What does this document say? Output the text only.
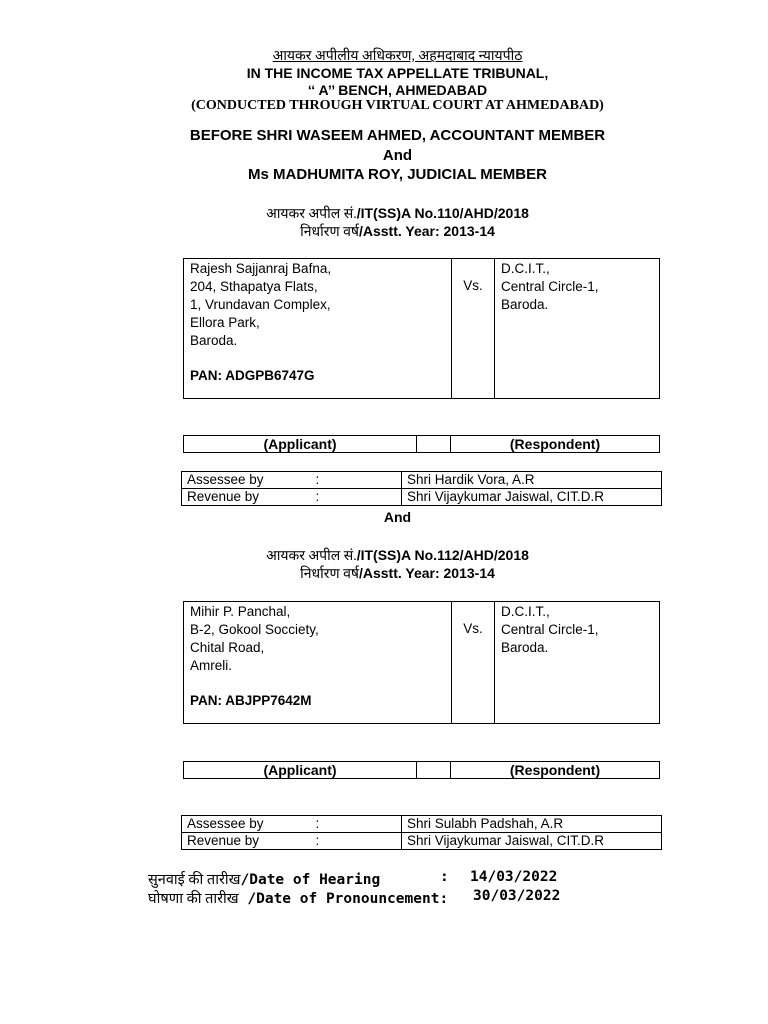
आयकर अपीलीय अधिकरण, अहमदाबाद न्यायपीठ
IN THE INCOME TAX APPELLATE TRIBUNAL,
‘‘ A’’ BENCH, AHMEDABAD
(CONDUCTED THROUGH VIRTUAL COURT AT AHMEDABAD)
BEFORE SHRI WASEEM AHMED, ACCOUNTANT MEMBER
And
Ms MADHUMITA ROY, JUDICIAL MEMBER
आयकर अपील सं./IT(SS)A No.110/AHD/2018
निर्धारण वर्ष/Asstt. Year: 2013-14
Rajesh Sajjanraj Bafna,
204, Sthapatya Flats,
1, Vrundavan Complex,
Ellora Park,
Baroda.
PAN: ADGPB6747G
	Vs.	
D.C.I.T.,
Central Circle-1,
Baroda.
(Applicant)		(Respondent)
Assessee by :	Shri Hardik Vora, A.R
Revenue by :	Shri Vijaykumar Jaiswal, CIT.D.R
And
आयकर अपील सं./IT(SS)A No.112/AHD/2018
निर्धारण वर्ष/Asstt. Year: 2013-14
Mihir P. Panchal,
B-2, Gokool Socciety,
Chital Road,
Amreli.
PAN: ABJPP7642M
	Vs.	
D.C.I.T.,
Central Circle-1,
Baroda.
(Applicant)		(Respondent)
Assessee by :	Shri Sulabh Padshah, A.R
Revenue by :	Shri Vijaykumar Jaiswal, CIT.D.R
सुनवाई की तारीख/Date of Hearing	: 14/03/2022
घोषणा की तारीख /Date of Pronouncement: 30/03/2022
